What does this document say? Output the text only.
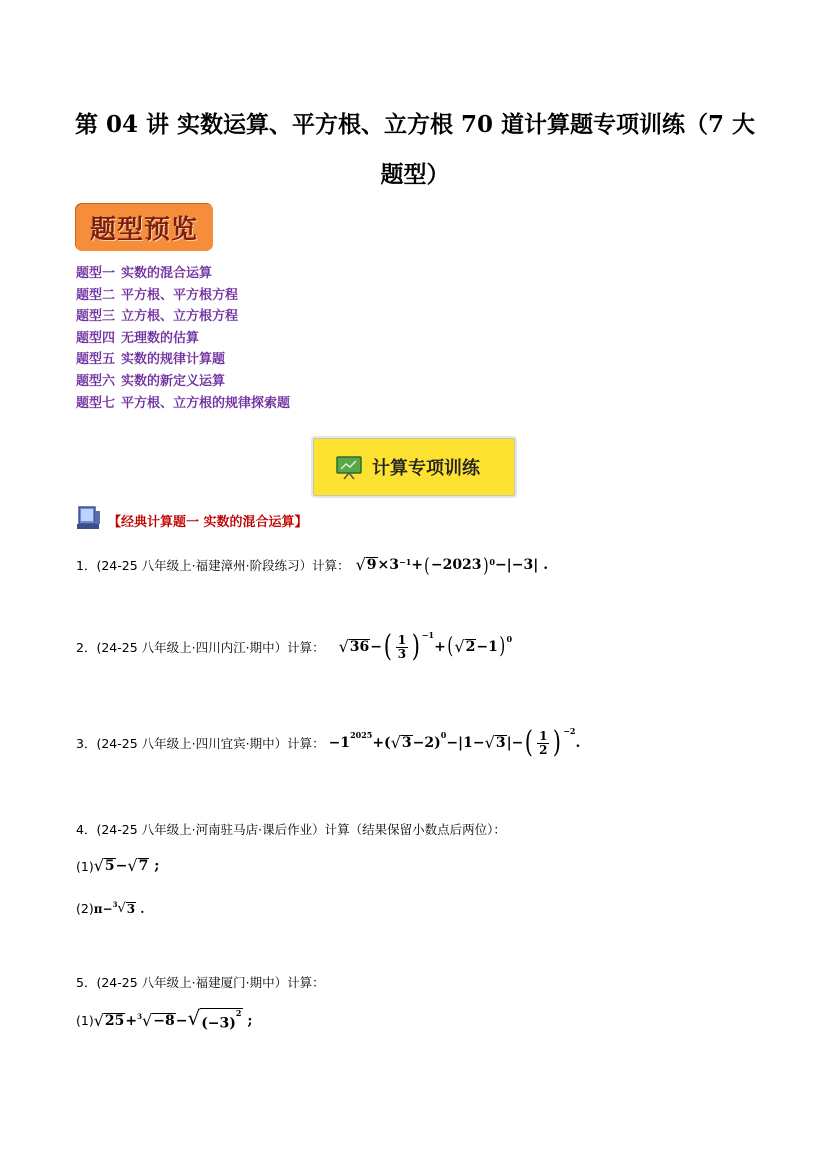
第 04 讲 实数运算、平方根、立方根 70 道计算题专项训练（7 大题型）
题型预览
题型一 实数的混合运算
题型二 平方根、平方根方程
题型三 立方根、立方根方程
题型四 无理数的估算
题型五 实数的规律计算题
题型六 实数的新定义运算
题型七 平方根、立方根的规律探索题
计算专项训练
【经典计算题一 实数的混合运算】
1．(24-25 八年级上·福建漳州·阶段练习）计算： √ $9 \times 3^{-1}$ + ( −2023 )$^0$ −|−3| .
2．(24-25 八年级上·四川内江·期中）计算： √ 36 − ( $\frac{1}{3} )^{-1}$
+ ( √ 2 −1 )$^0$
3．(24-25 八年级上·四川宜宾·期中）计算： $-1^{2025}$ +( √ 3 −2)$^0$ −|1− √ 3 |− ( $\frac{1}{2} )^{-2}$
.
4．(24-25 八年级上·河南驻马店·课后作业）计算（结果保留小数点后两位）：
(1) √ 5 − √ 7 ;
(2) π−$^3$ √ 3 .
5．(24-25 八年级上·福建厦门·期中）计算：
(1) √ 25 +$^3$ √ −8 − √ $(-3)^2$ ;
